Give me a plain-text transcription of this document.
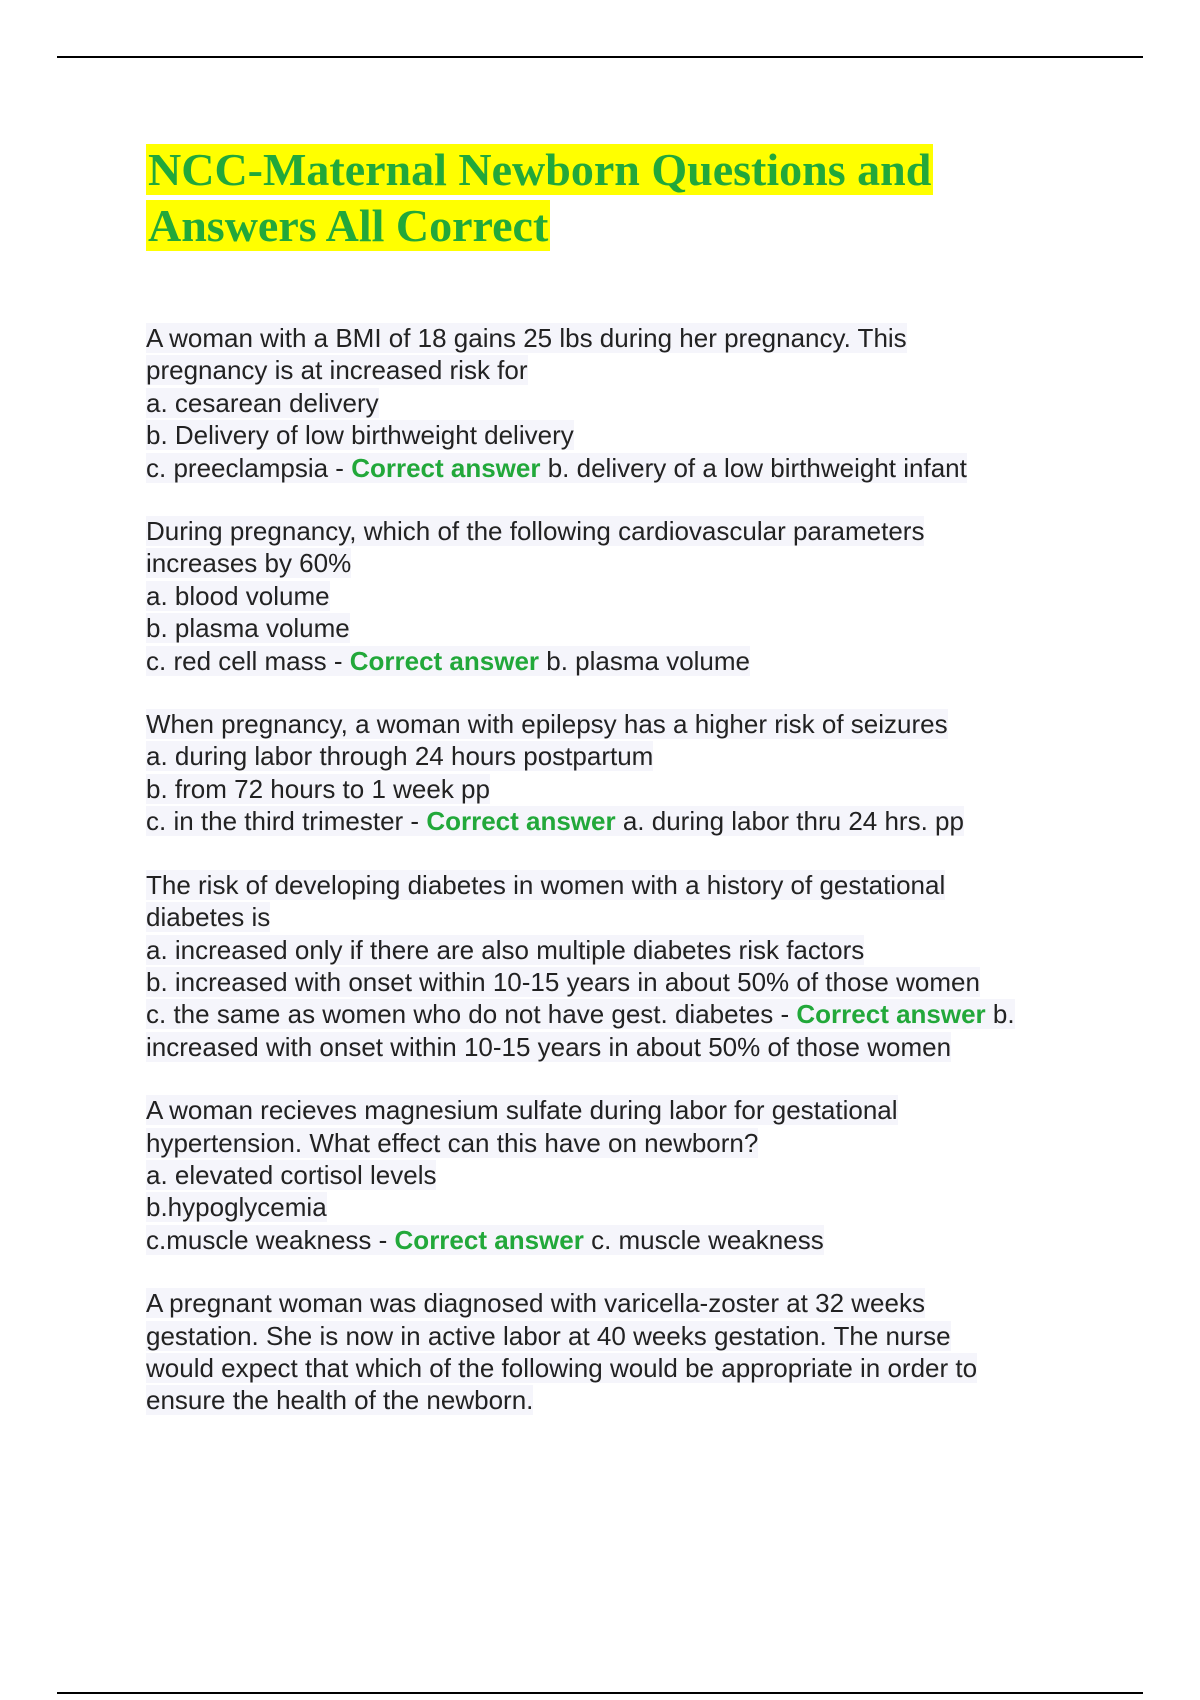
NCC-Maternal Newborn Questions and
Answers All Correct
A woman with a BMI of 18 gains 25 lbs during her pregnancy. This
pregnancy is at increased risk for
a. cesarean delivery
b. Delivery of low birthweight delivery
c. preeclampsia - Correct answer b. delivery of a low birthweight infant
During pregnancy, which of the following cardiovascular parameters
increases by 60%
a. blood volume
b. plasma volume
c. red cell mass - Correct answer b. plasma volume
When pregnancy, a woman with epilepsy has a higher risk of seizures
a. during labor through 24 hours postpartum
b. from 72 hours to 1 week pp
c. in the third trimester - Correct answer a. during labor thru 24 hrs. pp
The risk of developing diabetes in women with a history of gestational
diabetes is
a. increased only if there are also multiple diabetes risk factors
b. increased with onset within 10-15 years in about 50% of those women
c. the same as women who do not have gest. diabetes - Correct answer b.
increased with onset within 10-15 years in about 50% of those women
A woman recieves magnesium sulfate during labor for gestational
hypertension. What effect can this have on newborn?
a. elevated cortisol levels
b.hypoglycemia
c.muscle weakness - Correct answer c. muscle weakness
A pregnant woman was diagnosed with varicella-zoster at 32 weeks
gestation. She is now in active labor at 40 weeks gestation. The nurse
would expect that which of the following would be appropriate in order to
ensure the health of the newborn.
